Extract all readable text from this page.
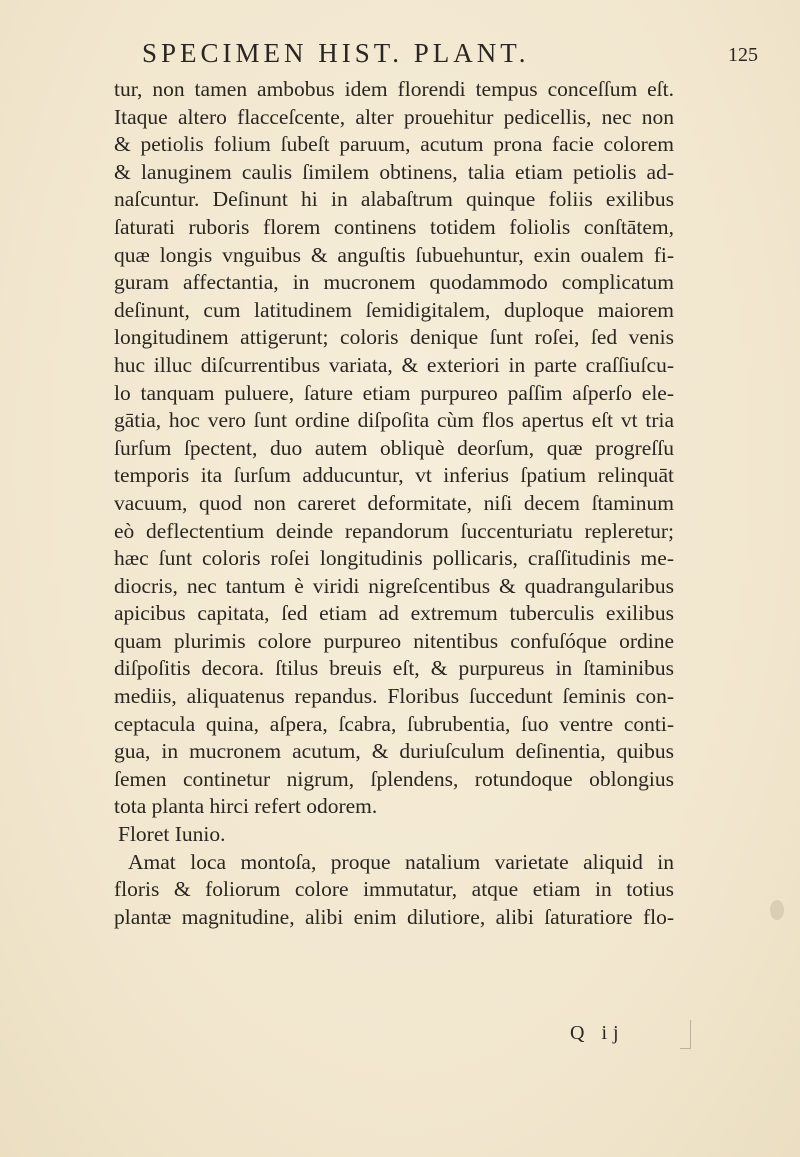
SPECIMEN HIST. PLANT.	125
tur, non tamen ambobus idem florendi tempus conceſſum eſt.
Itaque altero flacceſcente, alter prouehitur pedicellis, nec non
& petiolis folium ſubeſt paruum, acutum prona facie colorem
& lanuginem caulis ſimilem obtinens, talia etiam petiolis ad-
naſcuntur. Deſinunt hi in alabaſtrum quinque foliis exilibus
ſaturati ruboris florem continens totidem foliolis conſtātem,
quæ longis vnguibus & anguſtis ſubuehuntur, exin oualem fi-
guram affectantia, in mucronem quodammodo complicatum
deſinunt, cum latitudinem ſemidigitalem, duploque maiorem
longitudinem attigerunt; coloris denique ſunt roſei, ſed venis
huc illuc diſcurrentibus variata, & exteriori in parte craſſiuſcu-
lo tanquam puluere, ſature etiam purpureo paſſim aſperſo ele-
gātia, hoc vero ſunt ordine diſpoſita cùm flos apertus eſt vt tria
ſurſum ſpectent, duo autem obliquè deorſum, quæ progreſſu
temporis ita ſurſum adducuntur, vt inferius ſpatium relinquāt
vacuum, quod non careret deformitate, niſi decem ſtaminum
eò deflectentium deinde repandorum ſuccenturiatu repleretur;
hæc ſunt coloris roſei longitudinis pollicaris, craſſitudinis me-
diocris, nec tantum è viridi nigreſcentibus & quadrangularibus
apicibus capitata, ſed etiam ad extremum tuberculis exilibus
quam plurimis colore purpureo nitentibus confuſóque ordine
diſpoſitis decora. ſtilus breuis eſt, & purpureus in ſtaminibus
mediis, aliquatenus repandus. Floribus ſuccedunt ſeminis con-
ceptacula quina, aſpera, ſcabra, ſubrubentia, ſuo ventre conti-
gua, in mucronem acutum, & duriuſculum deſinentia, quibus
ſemen continetur nigrum, ſplendens, rotundoque oblongius
tota planta hirci refert odorem.
Floret Iunio.
Amat loca montoſa, proque natalium varietate aliquid in
floris & foliorum colore immutatur, atque etiam in totius
plantæ magnitudine, alibi enim dilutiore, alibi ſaturatiore flo-
Q ij
